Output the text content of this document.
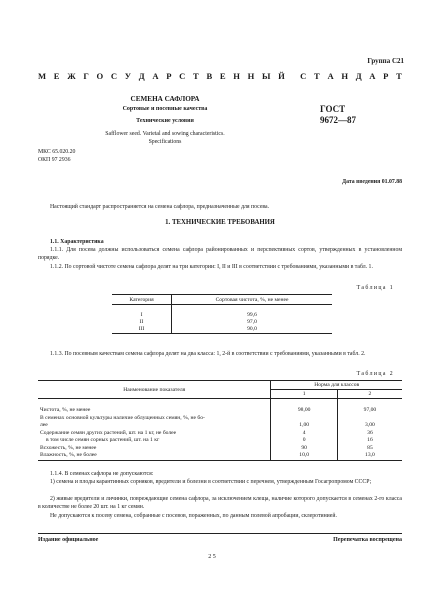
Группа С21
М Е Ж Г О С У Д А Р С Т В Е Н Н Ы Й С Т А Н Д А Р Т
СЕМЕНА САФЛОРА
Сортовые и посевные качества
Технические условия
ГОСТ
9672—87
Safflower seed. Varietal and sowing characteristics.
Specifications
МКС 65.020.20
ОКП 97 2936
Дата введения 01.07.88
Настоящий стандарт распространяется на семена сафлора, предназначенные для посева.
1. ТЕХНИЧЕСКИЕ ТРЕБОВАНИЯ
1.1. Характеристика
1.1.1. Для посева должны использоваться семена сафлора районированных и перспективных сортов, утвержденных в установленном порядке.
1.1.2. По сортовой чистоте семена сафлора делят на три категории: I, II и III в соответствии с требованиями, указанными в табл. 1.
Таблица 1
Категория	Сортовая чистота, %, не менее

I	99,6
II	97,0
III	90,0
1.1.3. По посевным качествам семена сафлора делят на два класса: 1, 2-й в соответствии с требованиями, указанными в табл. 2.
Таблица 2
Наименование показателя	Норма для классов	
	1	2

Чистота, %, не менее	98,00	97,00
В семенах основной культуры наличие облущенных семян, %, не бо-		
лее	1,00	3,00
Содержание семян других растений, шт. на 1 кг, не более	4	36
в том числе семян сорных растений, шт. на 1 кг	0	16
Всхожесть, %, не менее	90	85
Влажность, %, не более	10,0	13,0
1.1.4. В семенах сафлора не допускаются:
1) семена и плоды карантинных сорняков, вредители и болезни в соответствии с перечнем, утвержденным Госагропромом СССР;
2) живые вредители и личинки, повреждающие семена сафлора, за исключением клеща, наличие которого допускается в семенах 2-го класса в количестве не более 20 шт. на 1 кг семян.
Не допускаются к посеву семена, собранные с посевов, пораженных, по данным полевой апробации, склеротинией.
Издание официальное	Перепечатка воспрещена
2 5
